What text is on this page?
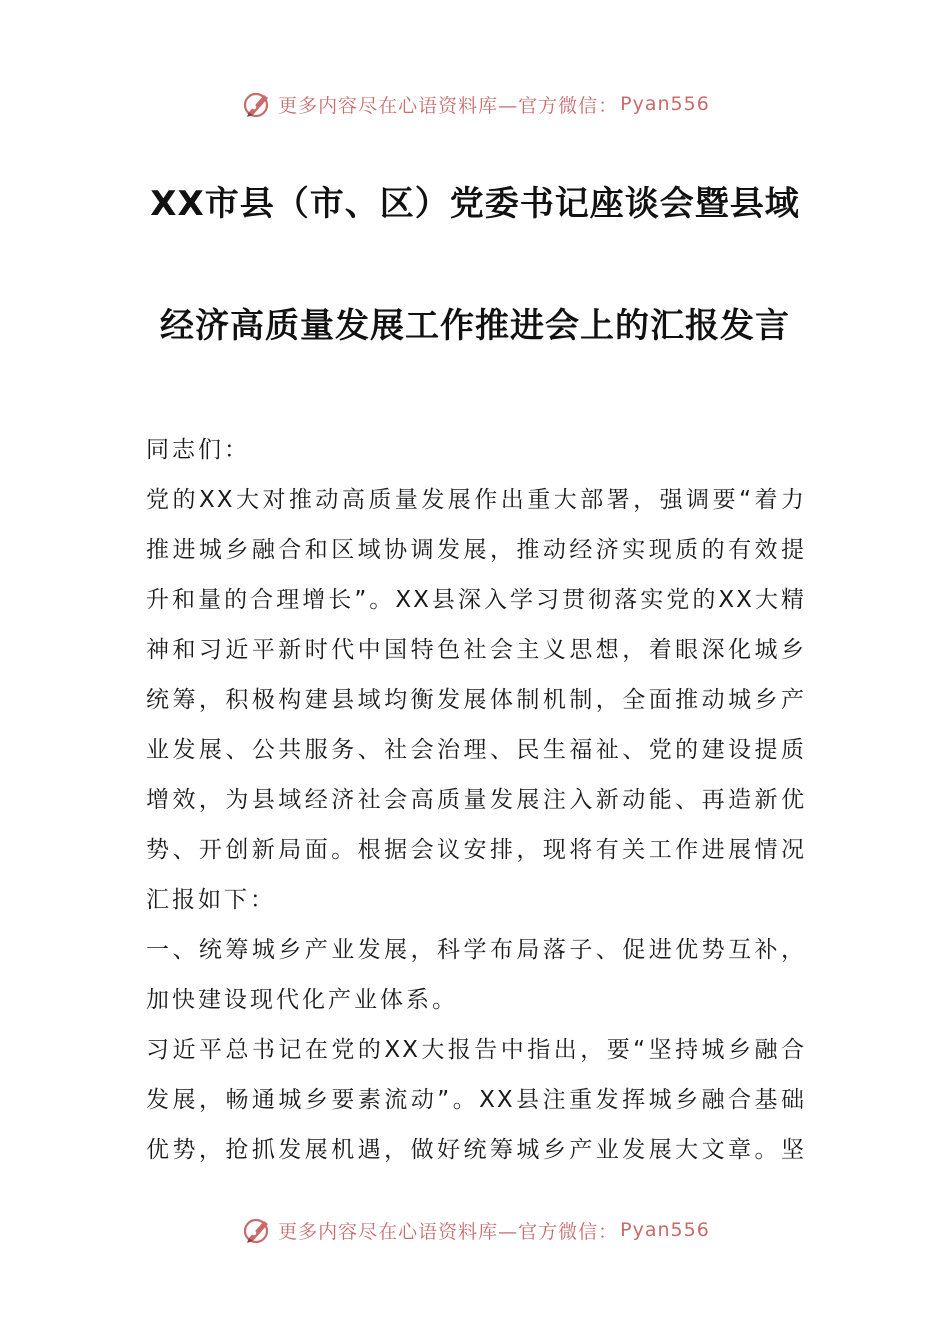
更多内容尽在心语资料库—官方微信： Pyan556
XX市县（市、区）党委书记座谈会暨县域
经济高质量发展工作推进会上的汇报发言
同志们：
党的XX大对推动高质量发展作出重大部署，强调要“着力
推进城乡融合和区域协调发展，推动经济实现质的有效提
升和量的合理增长”。XX县深入学习贯彻落实党的XX大精
神和习近平新时代中国特色社会主义思想，着眼深化城乡
统筹，积极构建县域均衡发展体制机制，全面推动城乡产
业发展、公共服务、社会治理、民生福祉、党的建设提质
增效，为县域经济社会高质量发展注入新动能、再造新优
势、开创新局面。根据会议安排，现将有关工作进展情况
汇报如下：
一、统筹城乡产业发展，科学布局落子、促进优势互补，
加快建设现代化产业体系。
习近平总书记在党的XX大报告中指出，要“坚持城乡融合
发展，畅通城乡要素流动”。XX县注重发挥城乡融合基础
优势，抢抓发展机遇，做好统筹城乡产业发展大文章。坚
更多内容尽在心语资料库—官方微信： Pyan556
